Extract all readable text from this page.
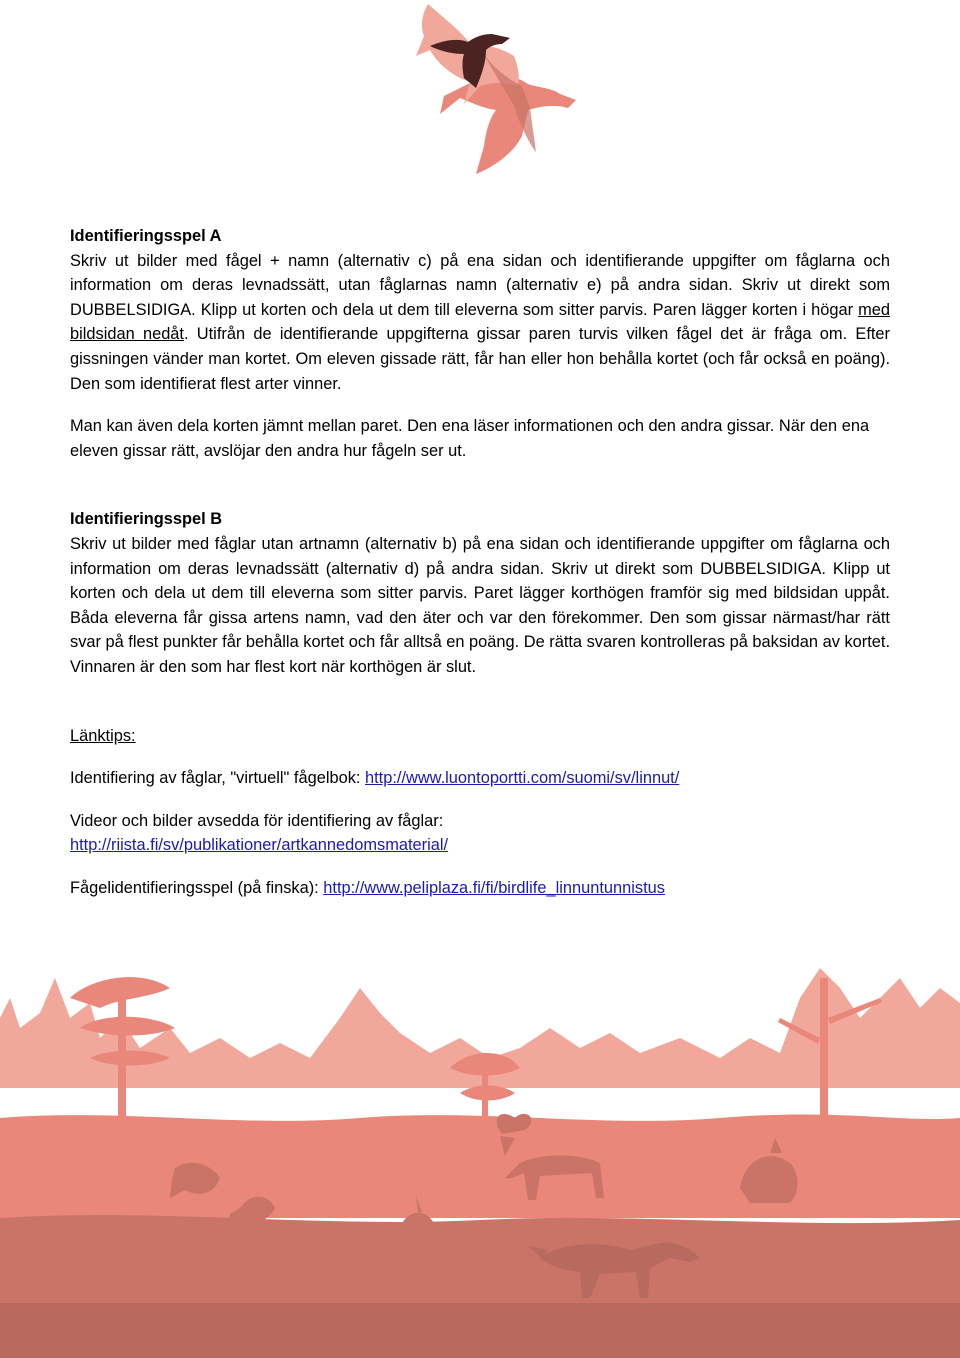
Identifieringsspel A

Skriv ut bilder med fågel + namn (alternativ c) på ena sidan och identifierande uppgifter om fåglarna och information om deras levnadssätt, utan fåglarnas namn (alternativ e) på andra sidan. Skriv ut direkt som DUBBELSIDIGA. Klipp ut korten och dela ut dem till eleverna som sitter parvis. Paren lägger korten i högar med bildsidan nedåt. Utifrån de identifierande uppgifterna gissar paren turvis vilken fågel det är fråga om. Efter gissningen vänder man kortet. Om eleven gissade rätt, får han eller hon behålla kortet (och får också en poäng). Den som identifierat flest arter vinner.

Man kan även dela korten jämnt mellan paret. Den ena läser informationen och den andra gissar. När den ena eleven gissar rätt, avslöjar den andra hur fågeln ser ut.

Identifieringsspel B

Skriv ut bilder med fåglar utan artnamn (alternativ b) på ena sidan och identifierande uppgifter om fåglarna och information om deras levnadssätt (alternativ d) på andra sidan. Skriv ut direkt som DUBBELSIDIGA. Klipp ut korten och dela ut dem till eleverna som sitter parvis. Paret lägger korthögen framför sig med bildsidan uppåt. Båda eleverna får gissa artens namn, vad den äter och var den förekommer. Den som gissar närmast/har rätt svar på flest punkter får behålla kortet och får alltså en poäng. De rätta svaren kontrolleras på baksidan av kortet. Vinnaren är den som har flest kort när korthögen är slut.

Länktips:

Identifiering av fåglar, "virtuell" fågelbok: http://www.luontoportti.com/suomi/sv/linnut/

Videor och bilder avsedda för identifiering av fåglar:
http://riista.fi/sv/publikationer/artkannedomsmaterial/

Fågelidentifieringsspel (på finska): http://www.peliplaza.fi/fi/birdlife_linnuntunnistus
